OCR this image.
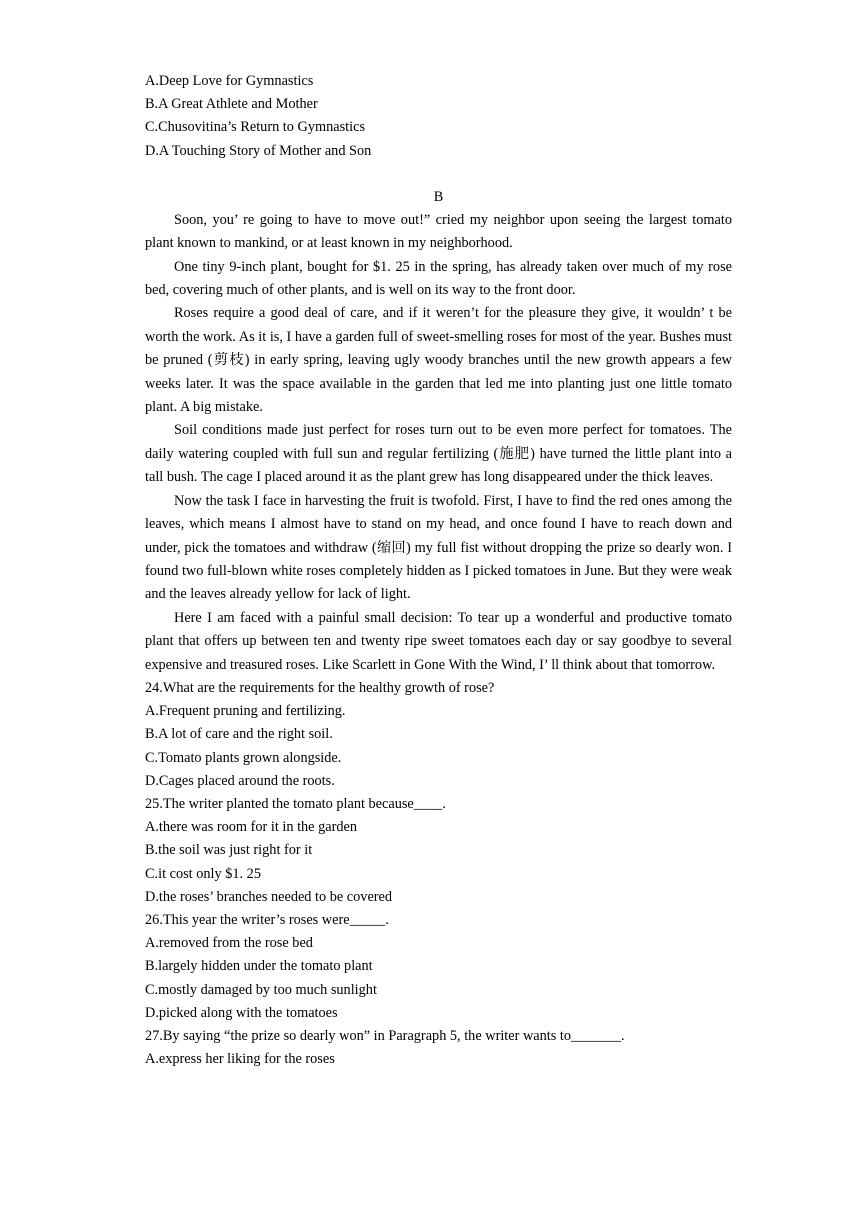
A.Deep Love for Gymnastics

B.A Great Athlete and Mother

C.Chusovitina’s Return to Gymnastics

D.A Touching Story of Mother and Son

B

Soon, you’ re going to have to move out!” cried my neighbor upon seeing the largest tomato plant known to mankind, or at least known in my neighborhood.

One tiny 9-inch plant, bought for $1. 25 in the spring, has already taken over much of my rose bed, covering much of other plants, and is well on its way to the front door.

Roses require a good deal of care, and if it weren’t for the pleasure they give, it wouldn’ t be worth the work. As it is, I have a garden full of sweet-smelling roses for most of the year. Bushes must be pruned (剪枝) in early spring, leaving ugly woody branches until the new growth appears a few weeks later. It was the space available in the garden that led me into planting just one little tomato plant. A big mistake.

Soil conditions made just perfect for roses turn out to be even more perfect for tomatoes. The daily watering coupled with full sun and regular fertilizing (施肥) have turned the little plant into a tall bush. The cage I placed around it as the plant grew has long disappeared under the thick leaves.

Now the task I face in harvesting the fruit is twofold. First, I have to find the red ones among the leaves, which means I almost have to stand on my head, and once found I have to reach down and under, pick the tomatoes and withdraw (缩回) my full fist without dropping the prize so dearly won. I found two full-blown white roses completely hidden as I picked tomatoes in June. But they were weak and the leaves already yellow for lack of light.

Here I am faced with a painful small decision: To tear up a wonderful and productive tomato plant that offers up between ten and twenty ripe sweet tomatoes each day or say goodbye to several expensive and treasured roses. Like Scarlett in Gone With the Wind, I’ ll think about that tomorrow.

24.What are the requirements for the healthy growth of rose?

A.Frequent pruning and fertilizing.

B.A lot of care and the right soil.

C.Tomato plants grown alongside.

D.Cages placed around the roots.

25.The writer planted the tomato plant because____.

A.there was room for it in the garden

B.the soil was just right for it

C.it cost only $1. 25

D.the roses’ branches needed to be covered

26.This year the writer’s roses were_____.

A.removed from the rose bed

B.largely hidden under the tomato plant

C.mostly damaged by too much sunlight

D.picked along with the tomatoes

27.By saying “the prize so dearly won” in Paragraph 5, the writer wants to_______.

A.express her liking for the roses
